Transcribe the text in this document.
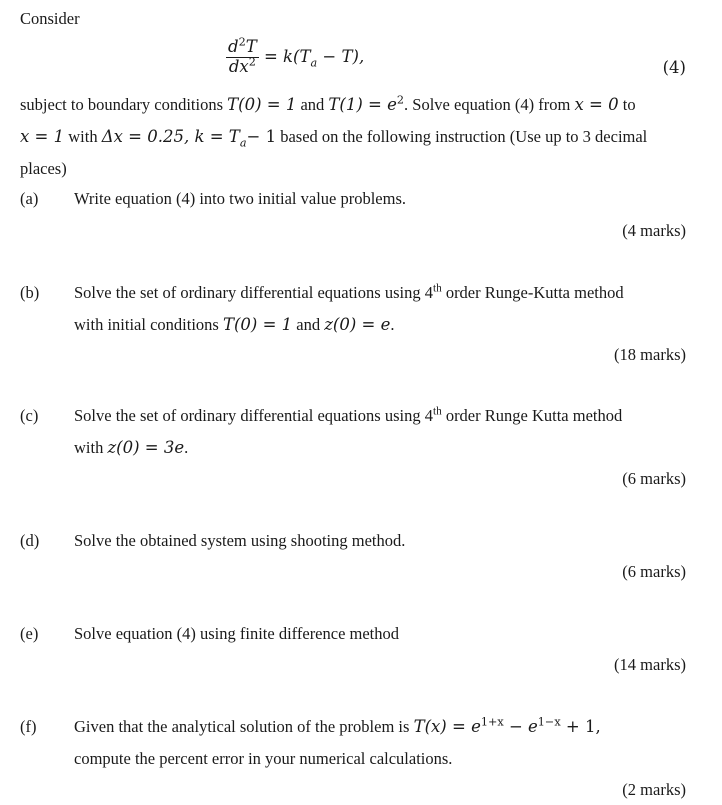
Consider
$\frac{d^2T}{dx^2} = k(T_a - T)$,
(4)
subject to boundary conditions T(0) = 1 and $T(1) = e^2$. Solve equation (4) from x = 0 to
x = 1 with Δx = 0.25, $k = T_a- 1$ based on the following instruction (Use up to 3 decimal
places)
(a)	Write equation (4) into two initial value problems.
(4 marks)
(b)	Solve the set of ordinary differential equations using 4th order Runge-Kutta method
with initial conditions T(0) = 1 and z(0) = e.
(18 marks)
(c)	Solve the set of ordinary differential equations using 4th order Runge Kutta method
with z(0) = 3e.
(6 marks)
(d)	Solve the obtained system using shooting method.
(6 marks)
(e)	Solve equation (4) using finite difference method
(14 marks)
(f)	Given that the analytical solution of the problem is $T(x) = e^{1+x} - e^{1-x} + 1$,
compute the percent error in your numerical calculations.
(2 marks)
